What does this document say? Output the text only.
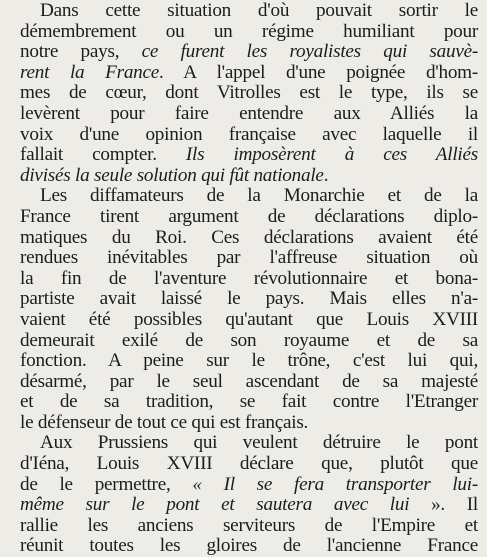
Dans cette situation d'où pouvait sortir le
démembrement ou un régime humiliant pour
notre pays, ce furent les royalistes qui sauvè-
rent la France. A l'appel d'une poignée d'hom-
mes de cœur, dont Vitrolles est le type, ils se
levèrent pour faire entendre aux Alliés la
voix d'une opinion française avec laquelle il
fallait compter. Ils imposèrent à ces Alliés
divisés la seule solution qui fût nationale.
Les diffamateurs de la Monarchie et de la
France tirent argument de déclarations diplo-
matiques du Roi. Ces déclarations avaient été
rendues inévitables par l'affreuse situation où
la fin de l'aventure révolutionnaire et bona-
partiste avait laissé le pays. Mais elles n'a-
vaient été possibles qu'autant que Louis XVIII
demeurait exilé de son royaume et de sa
fonction. A peine sur le trône, c'est lui qui,
désarmé, par le seul ascendant de sa majesté
et de sa tradition, se fait contre l'Etranger
le défenseur de tout ce qui est français.
Aux Prussiens qui veulent détruire le pont
d'Iéna, Louis XVIII déclare que, plutôt que
de le permettre, « Il se fera transporter lui-
même sur le pont et sautera avec lui ». Il
rallie les anciens serviteurs de l'Empire et
réunit toutes les gloires de l'ancienne France
